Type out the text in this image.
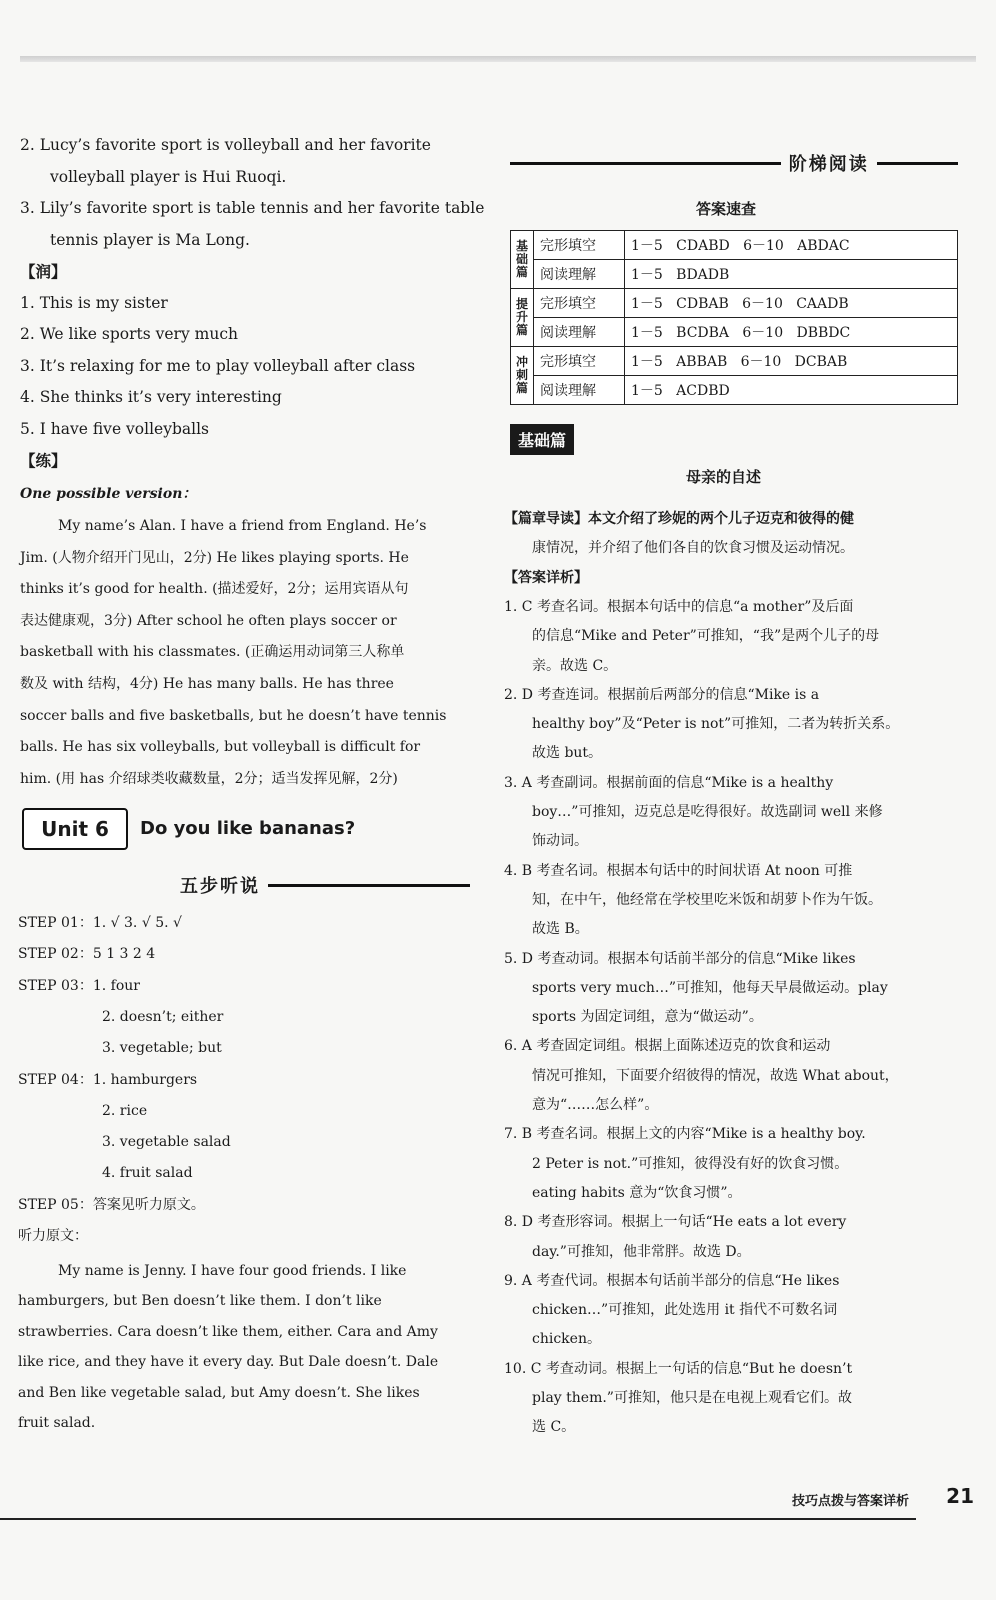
2. Lucy’s favorite sport is volleyball and her favorite
volleyball player is Hui Ruoqi.
3. Lily’s favorite sport is table tennis and her favorite table
tennis player is Ma Long.
【润】
1. This is my sister
2. We like sports very much
3. It’s relaxing for me to play volleyball after class
4. She thinks it’s very interesting
5. I have five volleyballs
【练】
One possible version：
My name’s Alan. I have a friend from England. He’s
Jim. (人物介绍开门见山，2分) He likes playing sports. He
thinks it’s good for health. (描述爱好，2分；运用宾语从句
表达健康观，3分) After school he often plays soccer or
basketball with his classmates. (正确运用动词第三人称单
数及 with 结构，4分) He has many balls. He has three
soccer balls and five basketballs, but he doesn’t have tennis
balls. He has six volleyballs, but volleyball is difficult for
him. (用 has 介绍球类收藏数量，2分；适当发挥见解，2分)
STEP 01：1. √ 3. √ 5. √
STEP 02：5 1 3 2 4
STEP 03：1. four
2. doesn’t; either
3. vegetable; but
STEP 04：1. hamburgers
2. rice
3. vegetable salad
4. fruit salad
STEP 05：答案见听力原文。
听力原文：
My name is Jenny. I have four good friends. I like
hamburgers, but Ben doesn’t like them. I don’t like
strawberries. Cara doesn’t like them, either. Cara and Amy
like rice, and they have it every day. But Dale doesn’t. Dale
and Ben like vegetable salad, but Amy doesn’t. She likes
fruit salad.
Unit 6	Do you like bananas?
五步听说
阶梯阅读
答案速查
基础篇	完形填空	1－5   CDABD   6－10   ABDAC
	阅读理解	1－5   BDADB
提升篇	完形填空	1－5   CDBAB   6－10   CAADB
	阅读理解	1－5   BCDBA   6－10   DBBDC
冲刺篇	完形填空	1－5   ABBAB   6－10   DCBAB
	阅读理解	1－5   ACDBD
基础篇
母亲的自述
【篇章导读】本文介绍了珍妮的两个儿子迈克和彼得的健
康情况，并介绍了他们各自的饮食习惯及运动情况。
【答案详析】
1. C 考查名词。根据本句话中的信息“a mother”及后面
的信息“Mike and Peter”可推知，“我”是两个儿子的母
亲。故选 C。
2. D 考查连词。根据前后两部分的信息“Mike is a
healthy boy”及“Peter is not”可推知，二者为转折关系。
故选 but。
3. A 考查副词。根据前面的信息“Mike is a healthy
boy…”可推知，迈克总是吃得很好。故选副词 well 来修
饰动词。
4. B 考查名词。根据本句话中的时间状语 At noon 可推
知，在中午，他经常在学校里吃米饭和胡萝卜作为午饭。
故选 B。
5. D 考查动词。根据本句话前半部分的信息“Mike likes
sports very much…”可推知，他每天早晨做运动。play
sports 为固定词组，意为“做运动”。
6. A 考查固定词组。根据上面陈述迈克的饮食和运动
情况可推知，下面要介绍彼得的情况，故选 What about，
意为“……怎么样”。
7. B 考查名词。根据上文的内容“Mike is a healthy boy.
2 Peter is not.”可推知，彼得没有好的饮食习惯。
eating habits 意为“饮食习惯”。
8. D 考查形容词。根据上一句话“He eats a lot every
day.”可推知，他非常胖。故选 D。
9. A 考查代词。根据本句话前半部分的信息“He likes
chicken…”可推知，此处选用 it 指代不可数名词
chicken。
10. C 考查动词。根据上一句话的信息“But he doesn’t
play them.”可推知，他只是在电视上观看它们。故
选 C。
技巧点拨与答案详析 21
